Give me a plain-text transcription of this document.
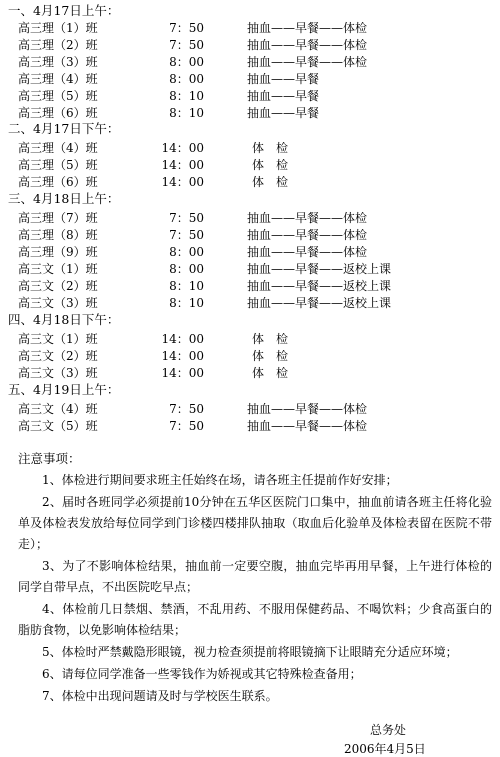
一、4月17日上午：
高三理（1）班	7：50	抽血——早餐——体检
高三理（2）班	7：50	抽血——早餐——体检
高三理（3）班	8：00	抽血——早餐——体检
高三理（4）班	8：00	抽血——早餐
高三理（5）班	8：10	抽血——早餐
高三理（6）班	8：10	抽血——早餐
二、4月17日下午：
高三理（4）班	14：00	体　检
高三理（5）班	14：00	体　检
高三理（6）班	14：00	体　检
三、4月18日上午：
高三理（7）班	7：50	抽血——早餐——体检
高三理（8）班	7：50	抽血——早餐——体检
高三理（9）班	8：00	抽血——早餐——体检
高三文（1）班	8：00	抽血——早餐——返校上课
高三文（2）班	8：10	抽血——早餐——返校上课
高三文（3）班	8：10	抽血——早餐——返校上课
四、4月18日下午：
高三文（1）班	14：00	体　检
高三文（2）班	14：00	体　检
高三文（3）班	14：00	体　检
五、4月19日上午：
高三文（4）班	7：50	抽血——早餐——体检
高三文（5）班	7：50	抽血——早餐——体检
注意事项：
1、体检进行期间要求班主任始终在场，请各班主任提前作好安排；
2、届时各班同学必须提前10分钟在五华区医院门口集中，抽血前请各班主任将化验单及体检表发放给每位同学到门诊楼四楼排队抽取（取血后化验单及体检表留在医院不带走）；
3、为了不影响体检结果，抽血前一定要空腹，抽血完毕再用早餐，上午进行体检的同学自带早点，不出医院吃早点；
4、体检前几日禁烟、禁酒，不乱用药、不服用保健药品、不喝饮料；少食高蛋白的脂肪食物，以免影响体检结果；
5、体检时严禁戴隐形眼镜，视力检查须提前将眼镜摘下让眼睛充分适应环境；
6、请每位同学准备一些零钱作为娇视或其它特殊检查备用；
7、体检中出现问题请及时与学校医生联系。
总务处
2006年4月5日
